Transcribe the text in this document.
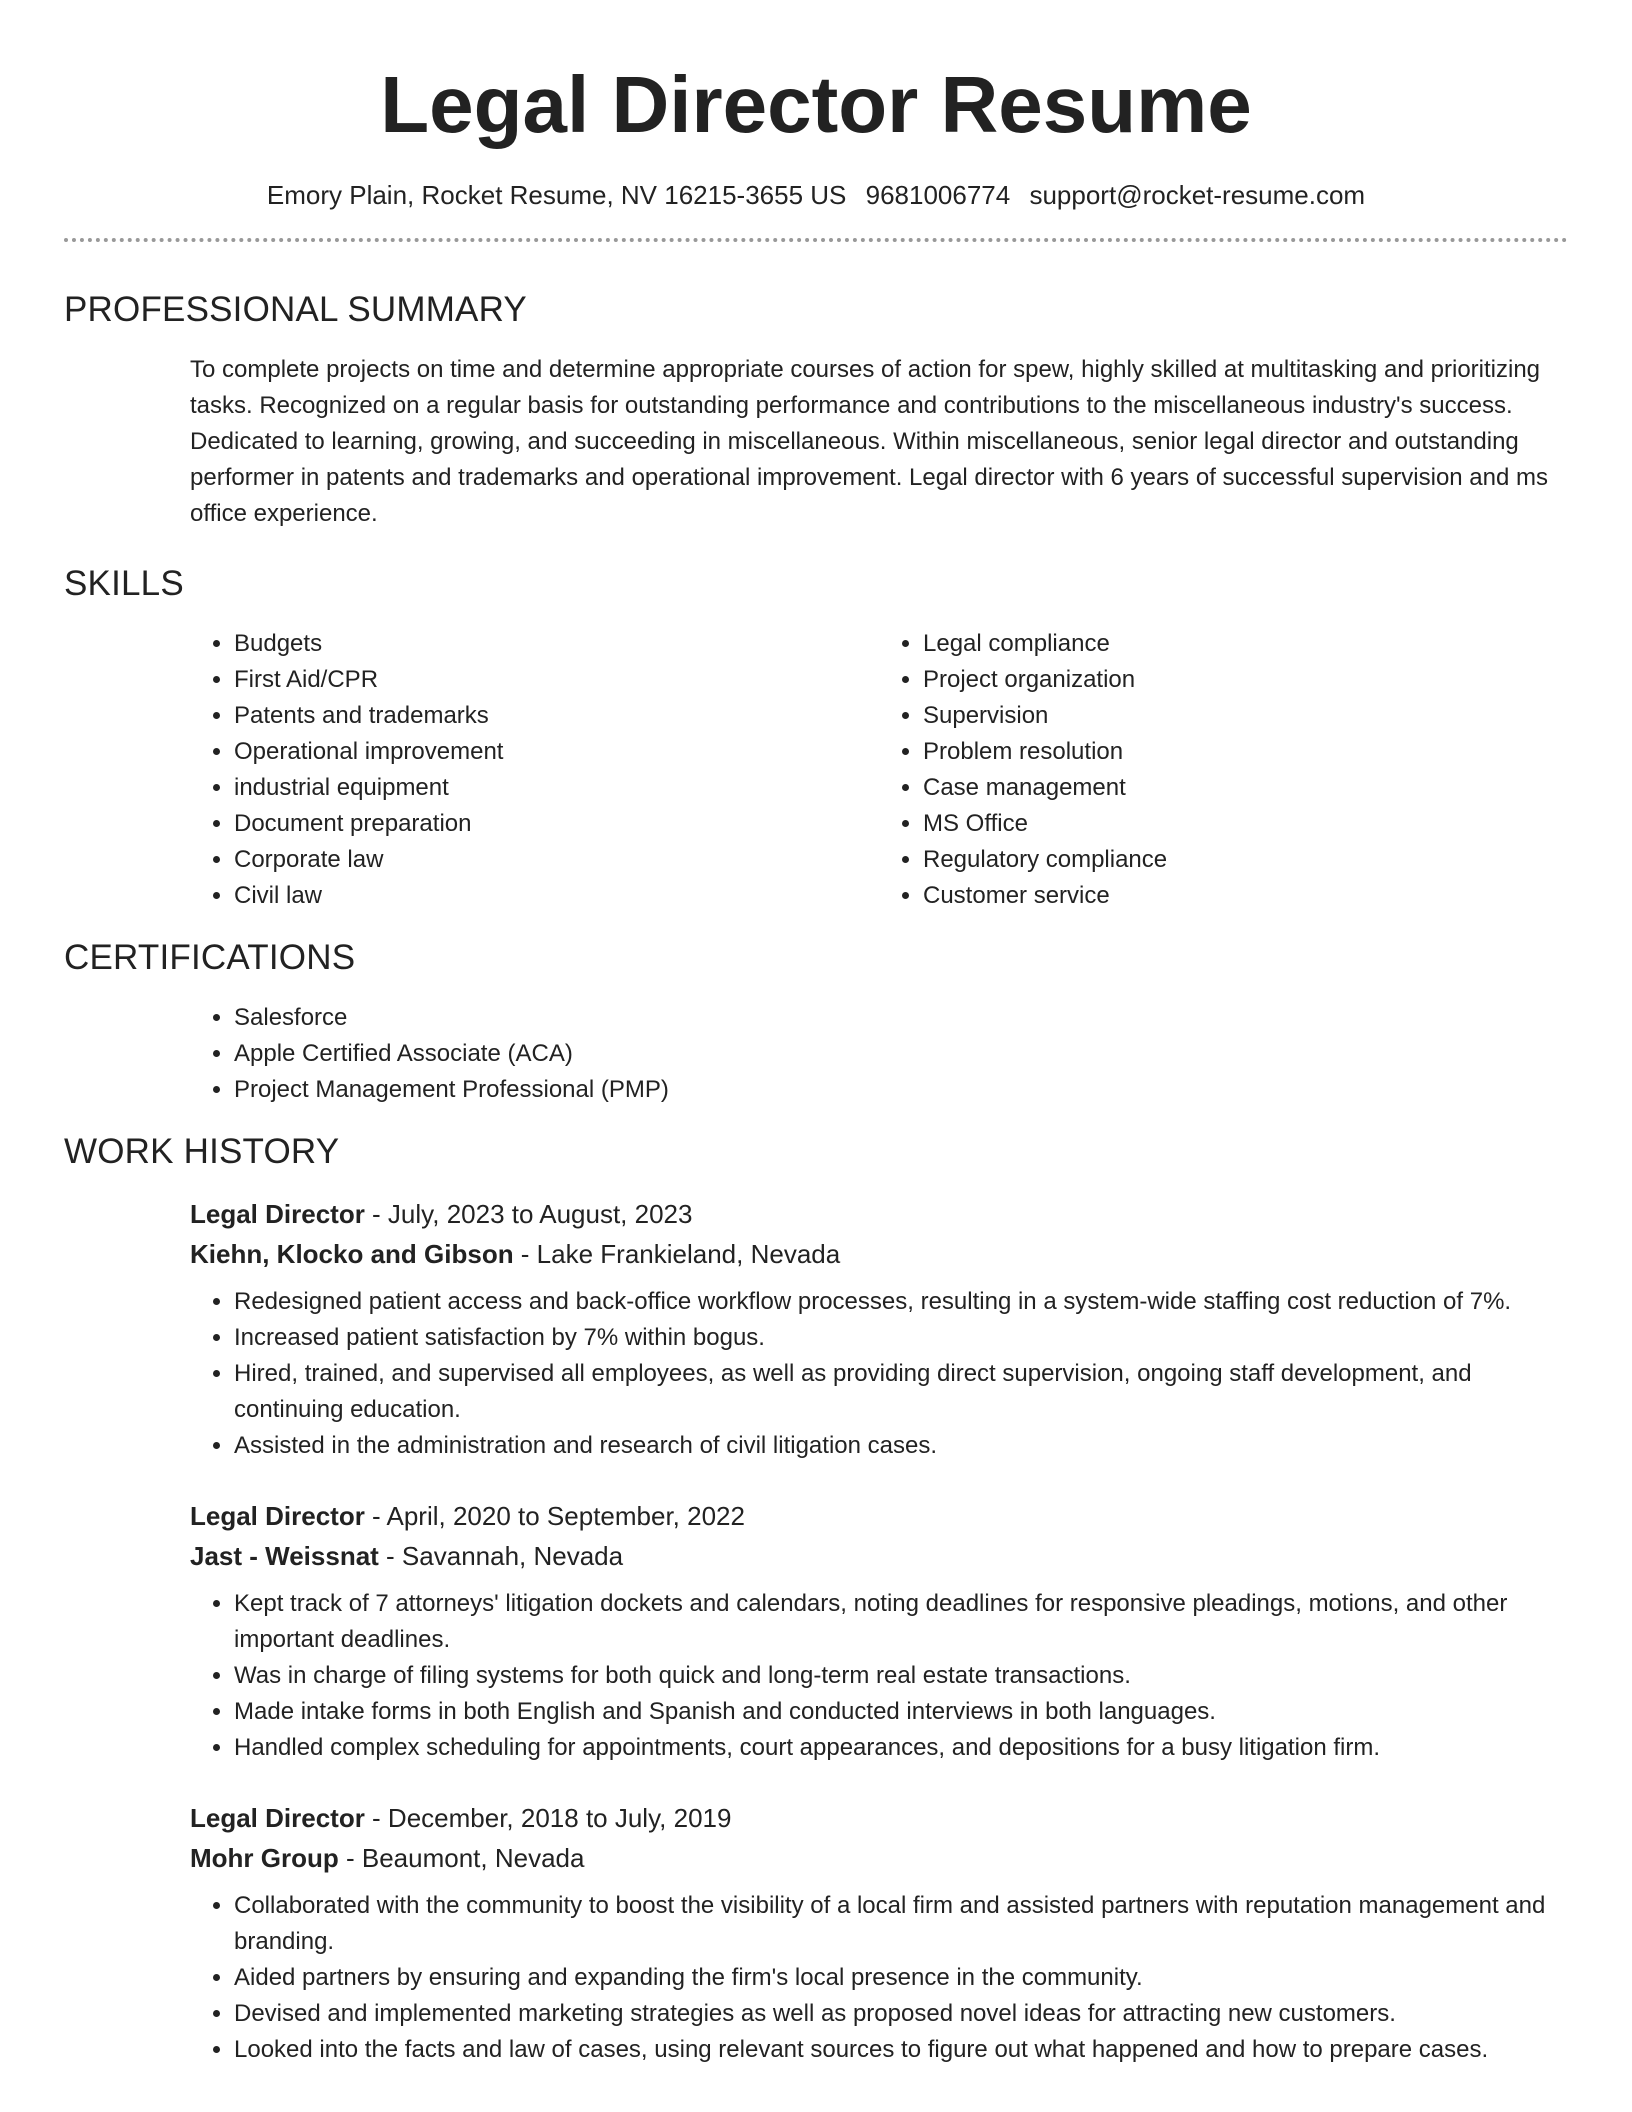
Legal Director Resume
Emory Plain, Rocket Resume, NV 16215-3655 US 9681006774 support@rocket-resume.com
PROFESSIONAL SUMMARY

To complete projects on time and determine appropriate courses of action for spew, highly skilled at multitasking and prioritizing tasks. Recognized on a regular basis for outstanding performance and contributions to the miscellaneous industry's success. Dedicated to learning, growing, and succeeding in miscellaneous. Within miscellaneous, senior legal director and outstanding performer in patents and trademarks and operational improvement. Legal director with 6 years of successful supervision and ms office experience.

SKILLS
• Budgets
• First Aid/CPR
• Patents and trademarks
• Operational improvement
• industrial equipment
• Document preparation
• Corporate law
• Civil law
• Legal compliance
• Project organization
• Supervision
• Problem resolution
• Case management
• MS Office
• Regulatory compliance
• Customer service
CERTIFICATIONS
• Salesforce
• Apple Certified Associate (ACA)
• Project Management Professional (PMP)
WORK HISTORY
Legal Director - July, 2023 to August, 2023
Kiehn, Klocko and Gibson - Lake Frankieland, Nevada
• Redesigned patient access and back-office workflow processes, resulting in a system-wide staffing cost reduction of 7%.
• Increased patient satisfaction by 7% within bogus.
• Hired, trained, and supervised all employees, as well as providing direct supervision, ongoing staff development, and continuing education.
• Assisted in the administration and research of civil litigation cases.
Legal Director - April, 2020 to September, 2022
Jast - Weissnat - Savannah, Nevada
• Kept track of 7 attorneys' litigation dockets and calendars, noting deadlines for responsive pleadings, motions, and other important deadlines.
• Was in charge of filing systems for both quick and long-term real estate transactions.
• Made intake forms in both English and Spanish and conducted interviews in both languages.
• Handled complex scheduling for appointments, court appearances, and depositions for a busy litigation firm.
Legal Director - December, 2018 to July, 2019
Mohr Group - Beaumont, Nevada
• Collaborated with the community to boost the visibility of a local firm and assisted partners with reputation management and branding.
• Aided partners by ensuring and expanding the firm's local presence in the community.
• Devised and implemented marketing strategies as well as proposed novel ideas for attracting new customers.
• Looked into the facts and law of cases, using relevant sources to figure out what happened and how to prepare cases.
